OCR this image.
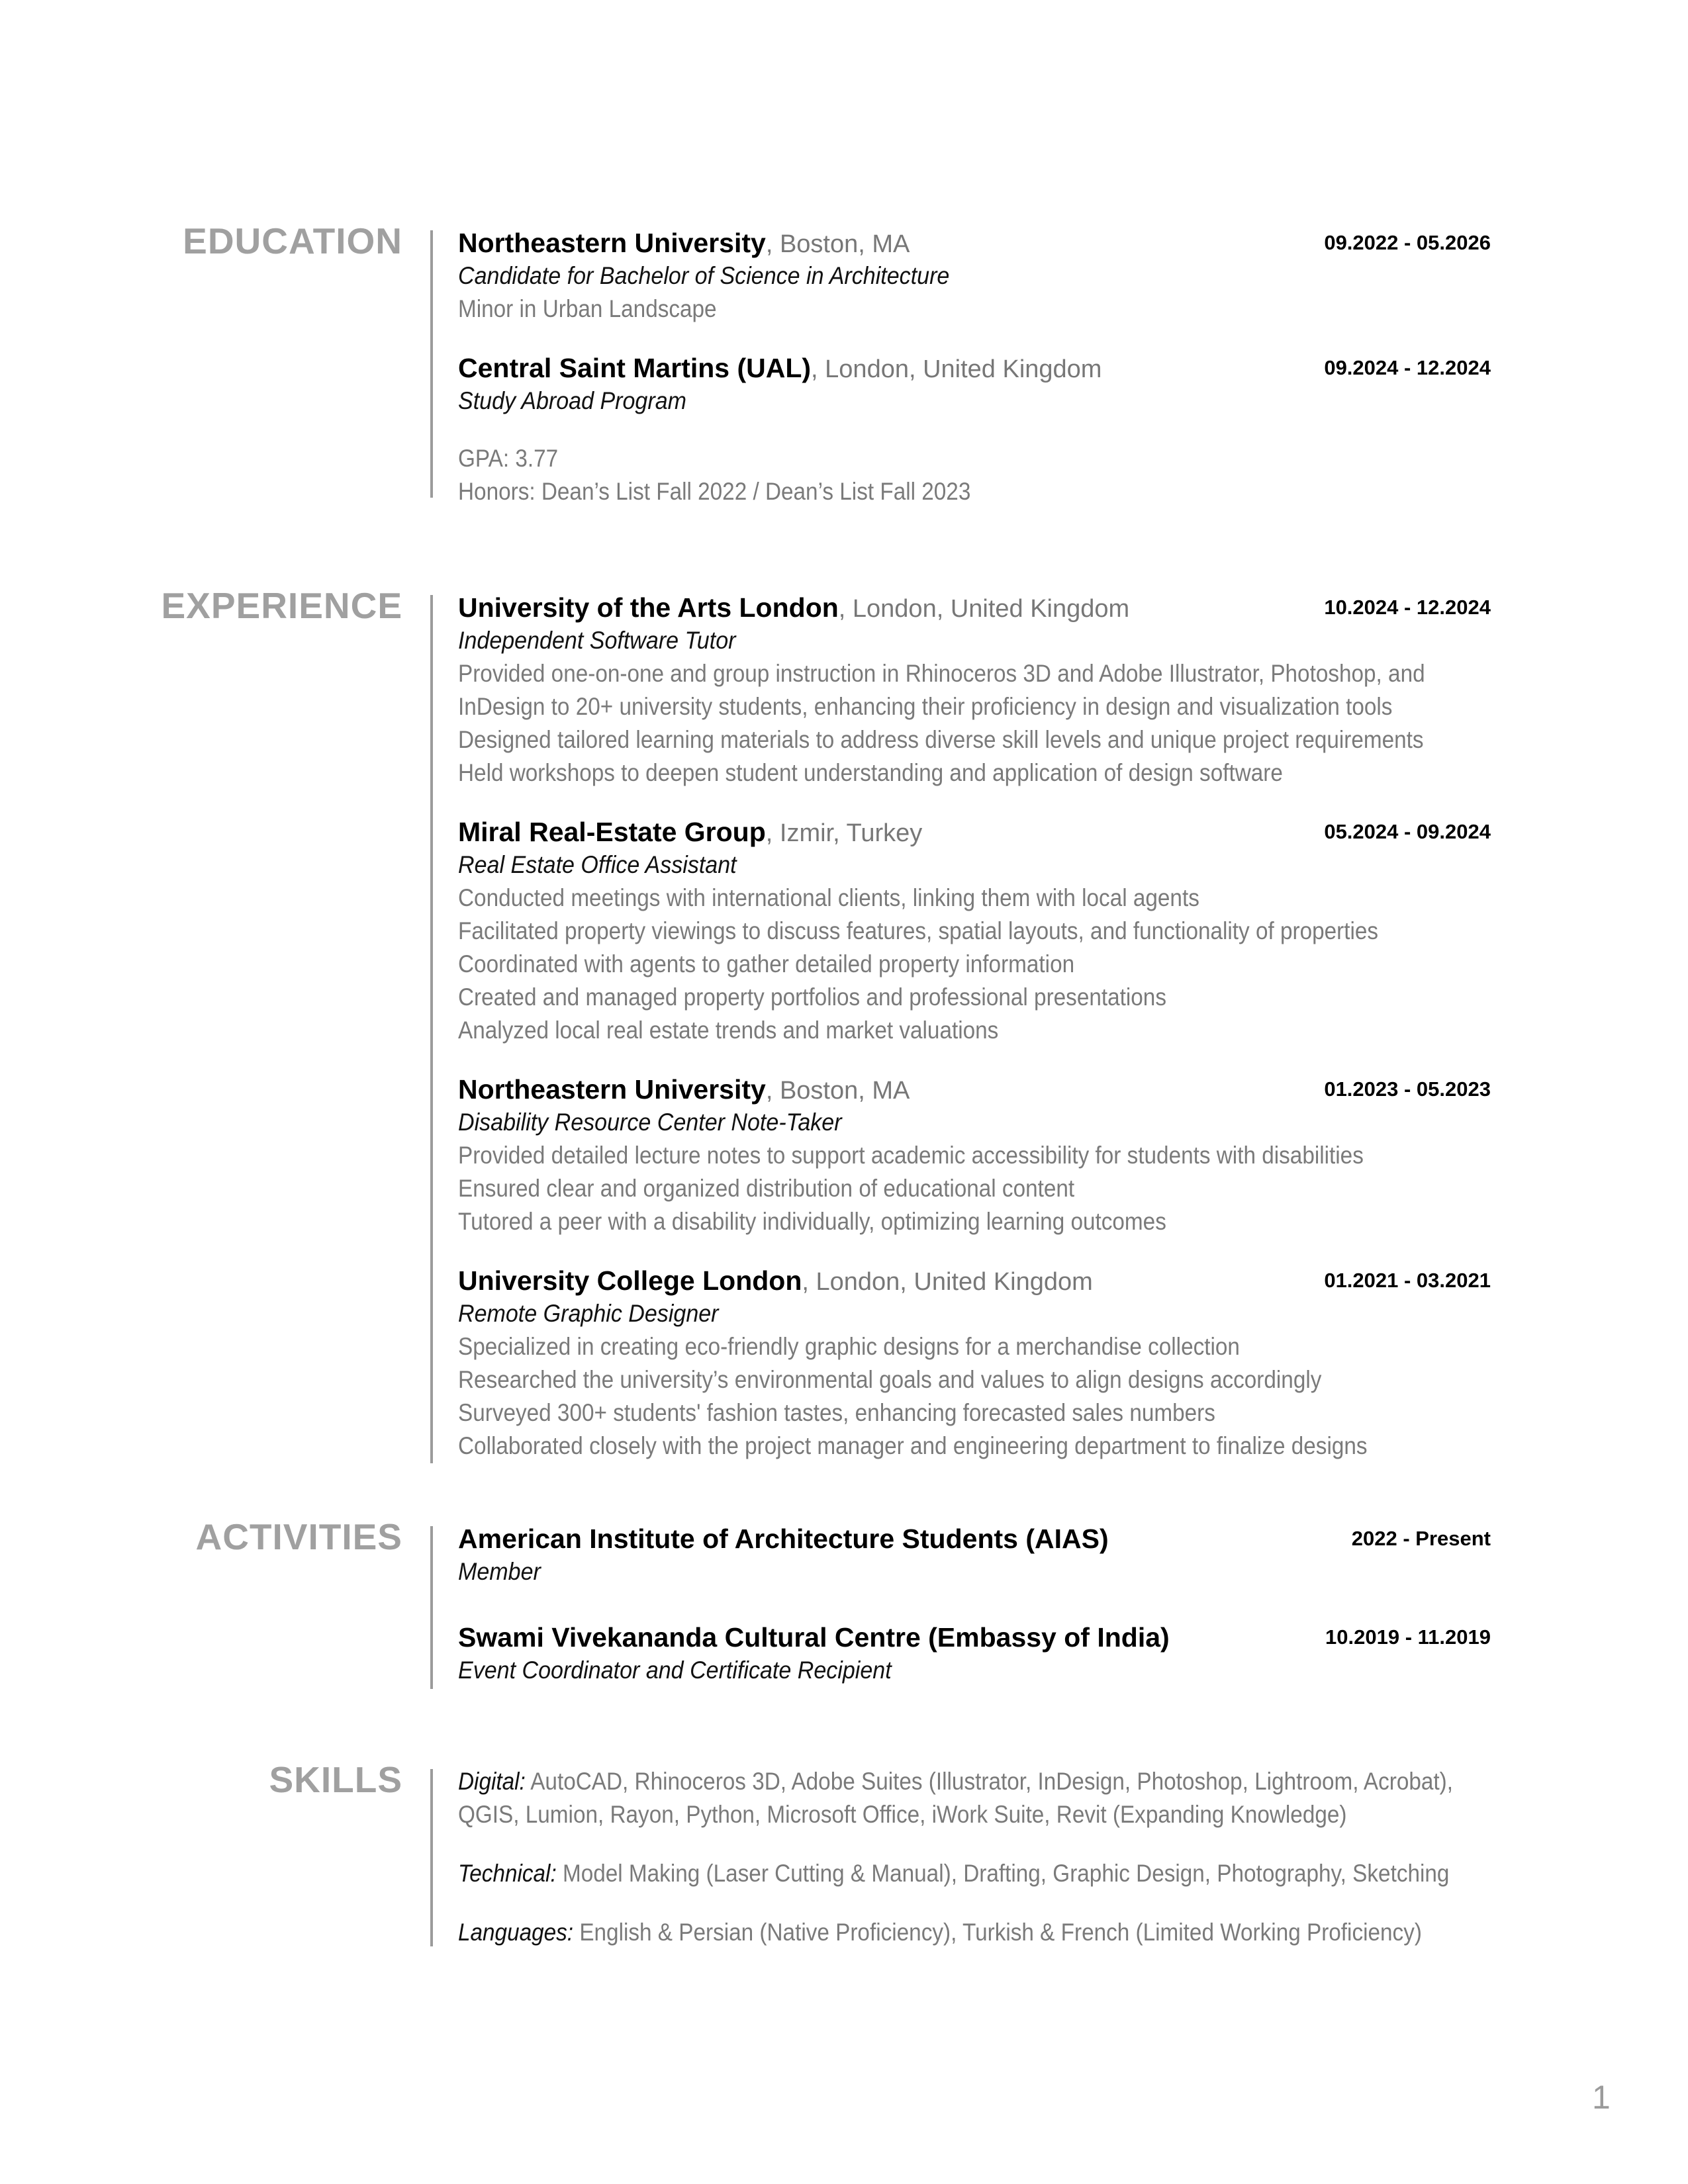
EDUCATION Northeastern University, Boston, MA	09.2022 - 05.2026
Candidate for Bachelor of Science in Architecture
Minor in Urban Landscape
Central Saint Martins (UAL), London, United Kingdom	09.2024 - 12.2024
Study Abroad Program
GPA: 3.77
Honors: Dean’s List Fall 2022 / Dean’s List Fall 2023
EXPERIENCE University of the Arts London, London, United Kingdom	10.2024 - 12.2024
Independent Software Tutor
Provided one-on-one and group instruction in Rhinoceros 3D and Adobe Illustrator, Photoshop, and
InDesign to 20+ university students, enhancing their proficiency in design and visualization tools
Designed tailored learning materials to address diverse skill levels and unique project requirements
Held workshops to deepen student understanding and application of design software
Miral Real-Estate Group, Izmir, Turkey	05.2024 - 09.2024
Real Estate Office Assistant
Conducted meetings with international clients, linking them with local agents
Facilitated property viewings to discuss features, spatial layouts, and functionality of properties
Coordinated with agents to gather detailed property information
Created and managed property portfolios and professional presentations
Analyzed local real estate trends and market valuations
Northeastern University, Boston, MA	01.2023 - 05.2023
Disability Resource Center Note-Taker
Provided detailed lecture notes to support academic accessibility for students with disabilities
Ensured clear and organized distribution of educational content
Tutored a peer with a disability individually, optimizing learning outcomes
University College London, London, United Kingdom	01.2021 - 03.2021
Remote Graphic Designer
Specialized in creating eco-friendly graphic designs for a merchandise collection
Researched the university’s environmental goals and values to align designs accordingly
Surveyed 300+ students' fashion tastes, enhancing forecasted sales numbers
Collaborated closely with the project manager and engineering department to finalize designs
ACTIVITIES American Institute of Architecture Students (AIAS)	2022 - Present
Member
Swami Vivekananda Cultural Centre (Embassy of India)	10.2019 - 11.2019
Event Coordinator and Certificate Recipient
SKILLS Digital: AutoCAD, Rhinoceros 3D, Adobe Suites (Illustrator, InDesign, Photoshop, Lightroom, Acrobat),
QGIS, Lumion, Rayon, Python, Microsoft Office, iWork Suite, Revit (Expanding Knowledge)
Technical: Model Making (Laser Cutting & Manual), Drafting, Graphic Design, Photography, Sketching
Languages: English & Persian (Native Proficiency), Turkish & French (Limited Working Proficiency)
1
